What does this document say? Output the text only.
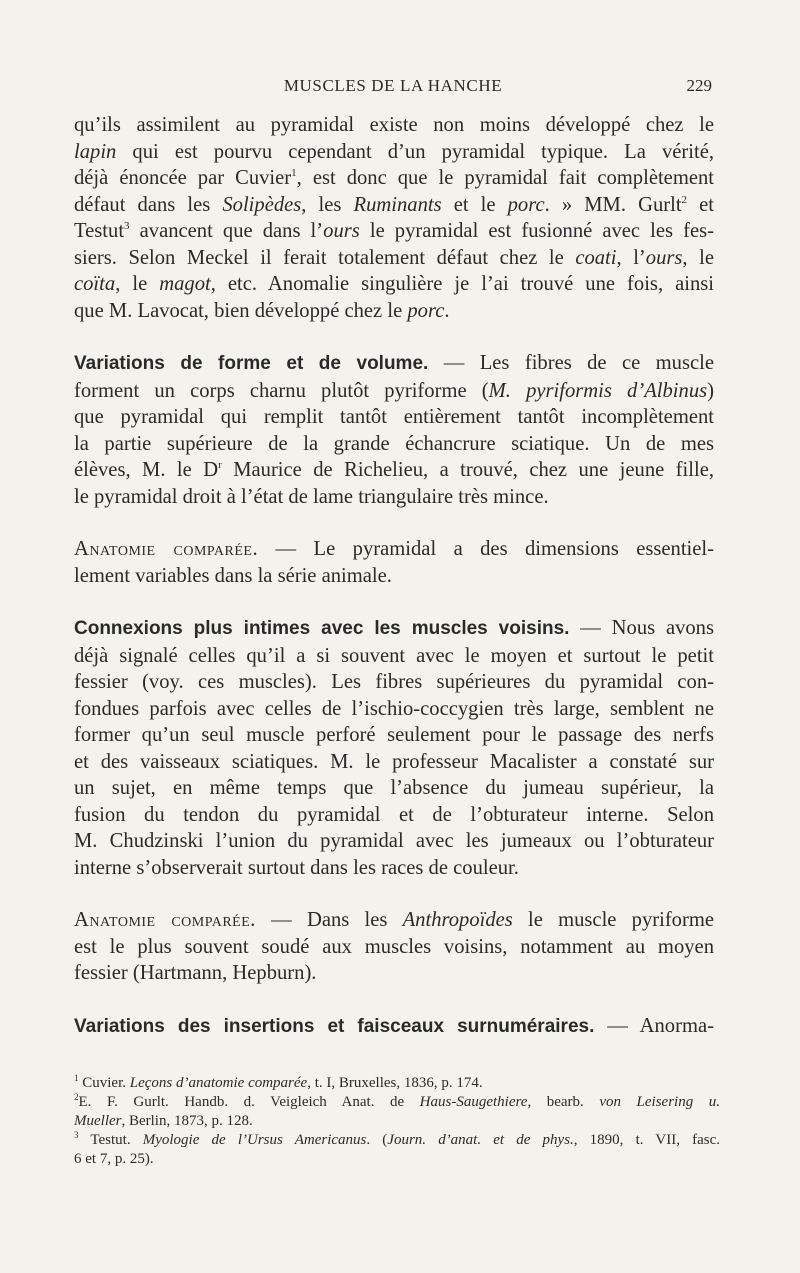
MUSCLES DE LA HANCHE	229
qu’ils assimilent au pyramidal existe non moins développé chez le
lapin qui est pourvu cependant d’un pyramidal typique. La vérité,
déjà énoncée par Cuvier$^1$, est donc que le pyramidal fait complètement
défaut dans les Solipèdes, les Ruminants et le porc. » MM. Gurlt$^2$ et
Testut$^3$ avancent que dans l’ours le pyramidal est fusionné avec les fes-
siers. Selon Meckel il ferait totalement défaut chez le coati, l’ours, le
coïta, le magot, etc. Anomalie singulière je l’ai trouvé une fois, ainsi
que M. Lavocat, bien développé chez le porc.
Variations de forme et de volume. — Les fibres de ce muscle
forment un corps charnu plutôt pyriforme (M. pyriformis d’Albinus)
que pyramidal qui remplit tantôt entièrement tantôt incomplètement
la partie supérieure de la grande échancrure sciatique. Un de mes
élèves, M. le $D^r$ Maurice de Richelieu, a trouvé, chez une jeune fille,
le pyramidal droit à l’état de lame triangulaire très mince.
Anatomie comparée. — Le pyramidal a des dimensions essentiel-
lement variables dans la série animale.
Connexions plus intimes avec les muscles voisins. — Nous avons
déjà signalé celles qu’il a si souvent avec le moyen et surtout le petit
fessier (voy. ces muscles). Les fibres supérieures du pyramidal con-
fondues parfois avec celles de l’ischio-coccygien très large, semblent ne
former qu’un seul muscle perforé seulement pour le passage des nerfs
et des vaisseaux sciatiques. M. le professeur Macalister a constaté sur
un sujet, en même temps que l’absence du jumeau supérieur, la
fusion du tendon du pyramidal et de l’obturateur interne. Selon
M. Chudzinski l’union du pyramidal avec les jumeaux ou l’obturateur
interne s’observerait surtout dans les races de couleur.
Anatomie comparée. — Dans les Anthropoïdes le muscle pyriforme
est le plus souvent soudé aux muscles voisins, notamment au moyen
fessier (Hartmann, Hepburn).
Variations des insertions et faisceaux surnuméraires. — Anorma-
$^1$ Cuvier. Leçons d’anatomie comparée, t. I, Bruxelles, 1836, p. 174.
$^2$E. F. Gurlt. Handb. d. Veigleich Anat. de Haus-Saugethiere, bearb. von Leisering u.
Mueller, Berlin, 1873, p. 128.
$^3$ Testut. Myologie de l’Ursus Americanus. (Journ. d’anat. et de phys., 1890, t. VII, fasc.
6 et 7, p. 25).
